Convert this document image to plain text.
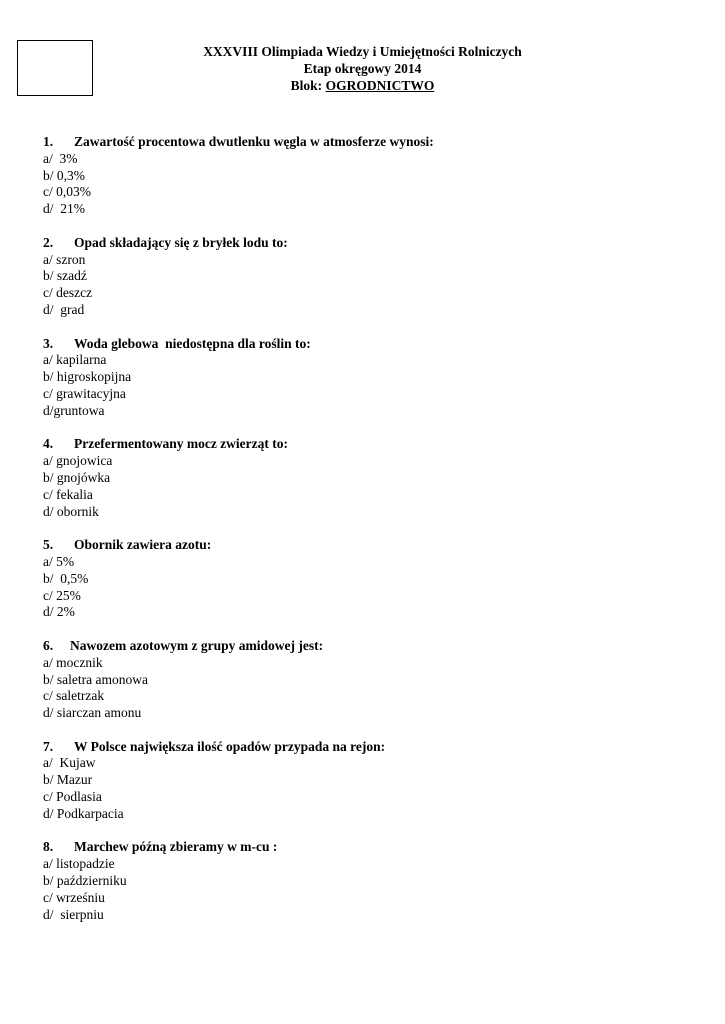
XXXVIII Olimpiada Wiedzy i Umiejętności Rolniczych
Etap okręgowy 2014
Blok: OGRODNICTWO
1.	Zawartość procentowa dwutlenku węgla w atmosferze wynosi:
a/  3%
b/ 0,3%
c/ 0,03%
d/  21%
2.	Opad składający się z bryłek lodu to:
a/ szron
b/ szadź
c/ deszcz
d/  grad
3.	Woda glebowa  niedostępna dla roślin to:
a/ kapilarna
b/ higroskopijna
c/ grawitacyjna
d/gruntowa
4.	Przefermentowany mocz zwierząt to:
a/ gnojowica
b/ gnojówka
c/ fekalia
d/ obornik
5.	Obornik zawiera azotu:
a/ 5%
b/  0,5%
c/ 25%
d/ 2%
6.	Nawozem azotowym z grupy amidowej jest:
a/ mocznik
b/ saletra amonowa
c/ saletrzak
d/ siarczan amonu
7.	W Polsce największa ilość opadów przypada na rejon:
a/  Kujaw
b/ Mazur
c/ Podlasia
d/ Podkarpacia
8.	Marchew późną zbieramy w m-cu :
a/ listopadzie
b/ październiku
c/ wrześniu
d/  sierpniu
